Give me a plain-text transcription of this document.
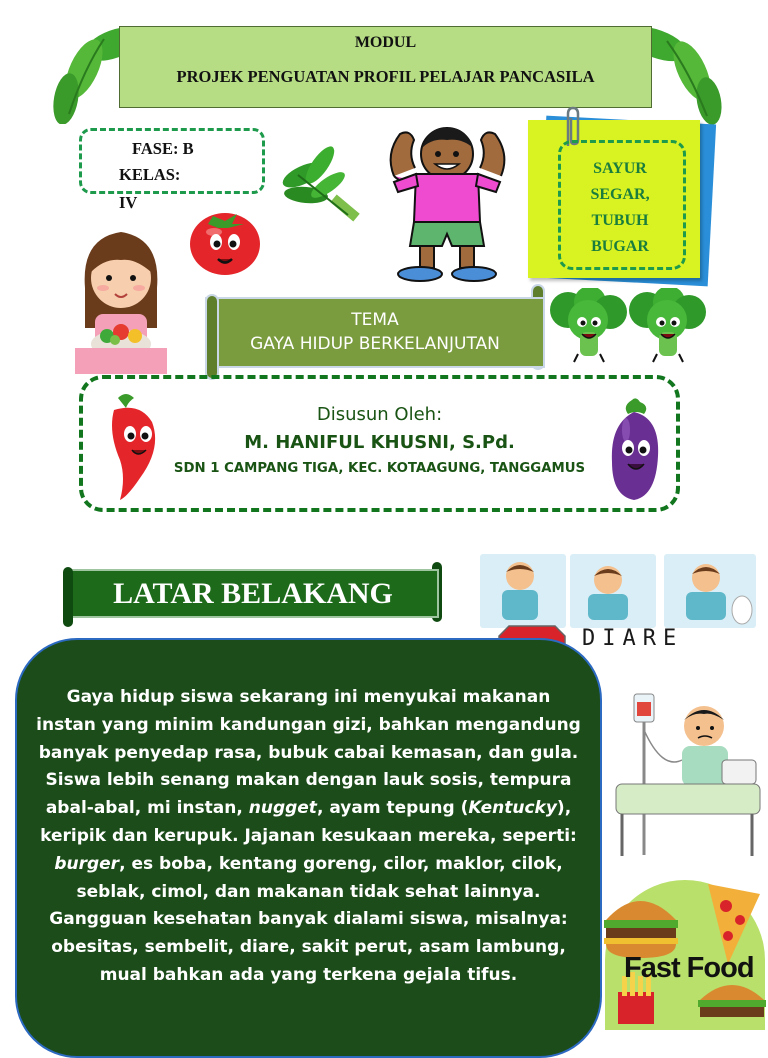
MODUL
PROJEK PENGUATAN PROFIL PELAJAR PANCASILA
FASE: B
KELAS:
IV
SAYUR
SEGAR,
TUBUH
BUGAR
TEMA
GAYA HIDUP BERKELANJUTAN
Disusun Oleh:
M. HANIFUL KHUSNI, S.Pd.
SDN 1 CAMPANG TIGA, KEC. KOTAAGUNG, TANGGAMUS
LATAR BELAKANG
DIARE
Gaya hidup siswa sekarang ini menyukai makanan instan yang minim kandungan gizi, bahkan mengandung banyak penyedap rasa, bubuk cabai kemasan, dan gula. Siswa lebih senang makan dengan lauk sosis, tempura abal-abal, mi instan, nugget, ayam tepung (Kentucky), keripik dan kerupuk. Jajanan kesukaan mereka, seperti: burger, es boba, kentang goreng, cilor, maklor, cilok, seblak, cimol, dan makanan tidak sehat lainnya. Gangguan kesehatan banyak dialami siswa, misalnya: obesitas, sembelit, diare, sakit perut, asam lambung, mual bahkan ada yang terkena gejala tifus.	Fast Food
